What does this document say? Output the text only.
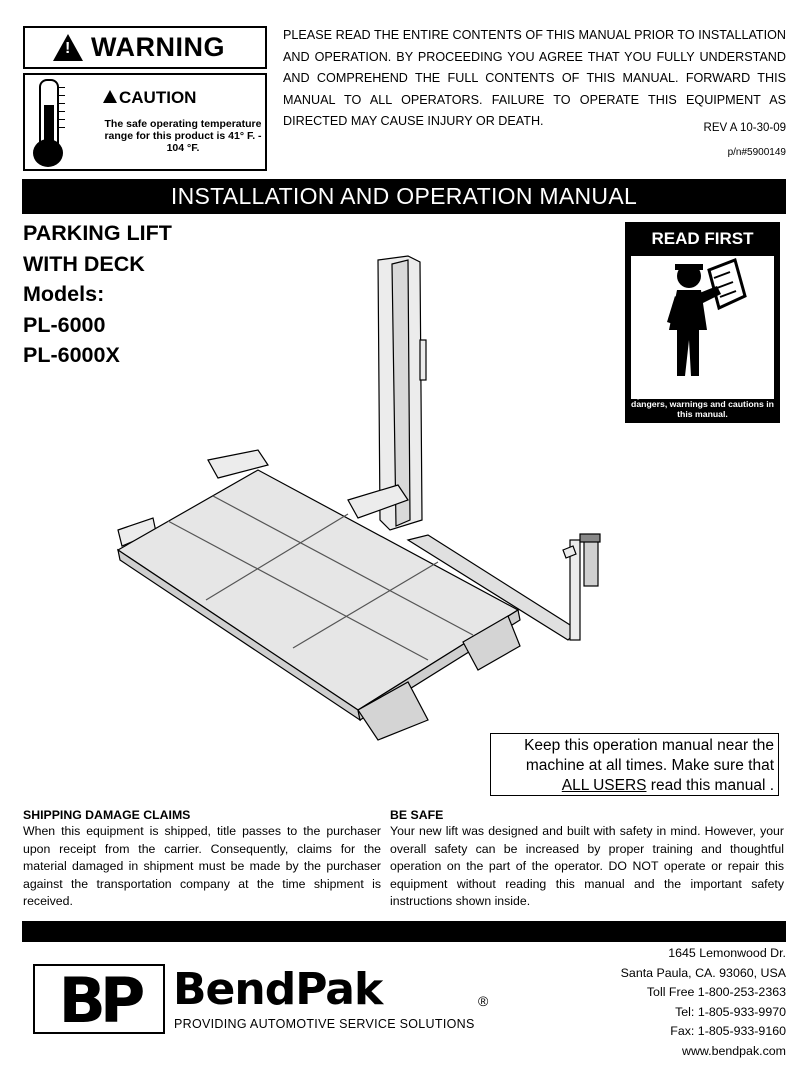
! WARNING
CAUTION
The safe operating temperature range for this product is 41° F. - 104 °F.
PLEASE READ THE ENTIRE CONTENTS OF THIS MANUAL PRIOR TO INSTALLATION AND OPERATION. BY PROCEEDING YOU AGREE THAT YOU FULLY UNDERSTAND AND COMPREHEND THE FULL CONTENTS OF THIS MANUAL. FORWARD THIS MANUAL TO ALL OPERATORS. FAILURE TO OPERATE THIS EQUIPMENT AS DIRECTED MAY CAUSE INJURY OR DEATH.	REV A 10-30-09
p/n#5900149
INSTALLATION AND OPERATION MANUAL
PARKING LIFT
WITH DECK
Models:
PL-6000
PL-6000X
READ FIRST
Do not operate this machine until you read and understand all the dangers, warnings and cautions in this manual.
Keep this operation manual near the
machine at all times. Make sure that
ALL USERS read this manual .
SHIPPING DAMAGE CLAIMS
When this equipment is shipped, title passes to the purchaser upon receipt from the carrier. Consequently, claims for the material damaged in shipment must be made by the purchaser against the transportation company at the time shipment is received.
BE SAFE
Your new lift was designed and built with safety in mind. However, your overall safety can be increased by proper training and thoughtful operation on the part of the operator. DO NOT operate or repair this equipment without reading this manual and the important safety instructions shown inside.
BP BendPak	®
PROVIDING AUTOMOTIVE SERVICE SOLUTIONS
1645 Lemonwood Dr.
Santa Paula, CA. 93060, USA
Toll Free 1-800-253-2363
Tel: 1-805-933-9970
Fax: 1-805-933-9160
www.bendpak.com
